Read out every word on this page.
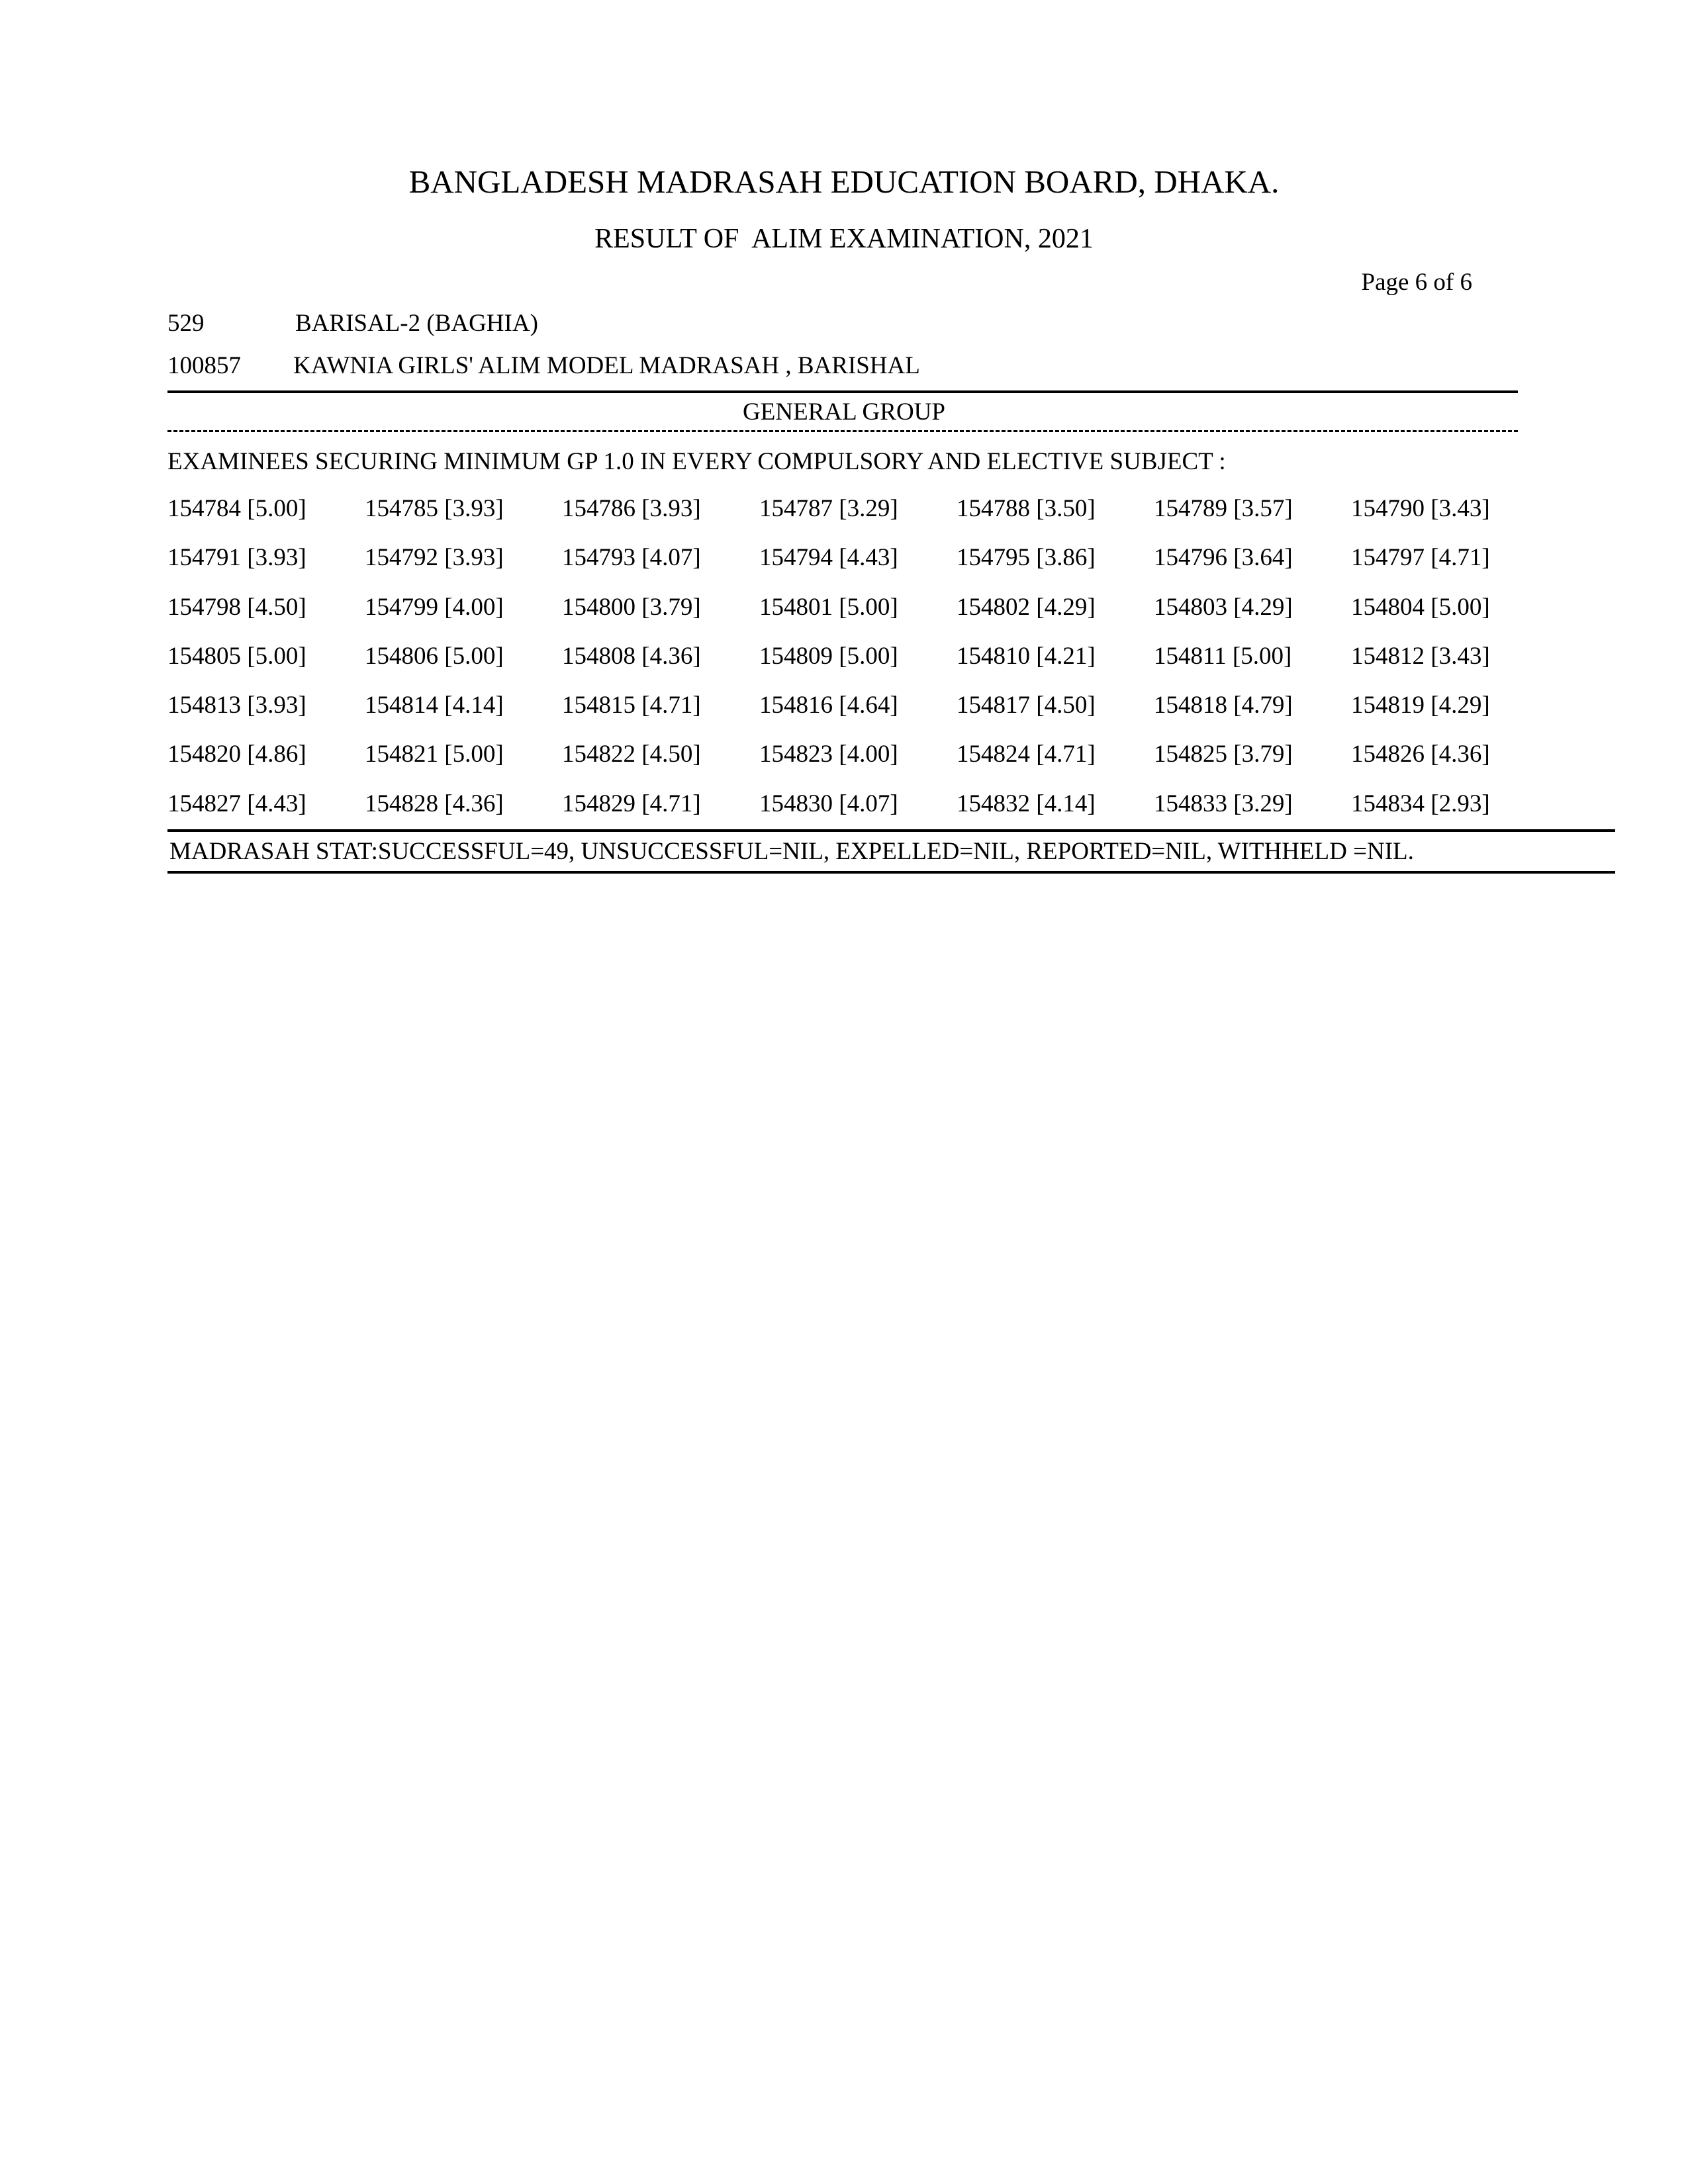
BANGLADESH MADRASAH EDUCATION BOARD, DHAKA.
RESULT OF  ALIM EXAMINATION, 2021
Page 6 of 6
529	BARISAL-2 (BAGHIA)
100857 KAWNIA GIRLS' ALIM MODEL MADRASAH , BARISHAL
GENERAL GROUP
EXAMINEES SECURING MINIMUM GP 1.0 IN EVERY COMPULSORY AND ELECTIVE SUBJECT :
154784 [5.00]	154785 [3.93]	154786 [3.93]	154787 [3.29]	154788 [3.50]	154789 [3.57]	154790 [3.43]
154791 [3.93]	154792 [3.93]	154793 [4.07]	154794 [4.43]	154795 [3.86]	154796 [3.64]	154797 [4.71]
154798 [4.50]	154799 [4.00]	154800 [3.79]	154801 [5.00]	154802 [4.29]	154803 [4.29]	154804 [5.00]
154805 [5.00]	154806 [5.00]	154808 [4.36]	154809 [5.00]	154810 [4.21]	154811 [5.00]	154812 [3.43]
154813 [3.93]	154814 [4.14]	154815 [4.71]	154816 [4.64]	154817 [4.50]	154818 [4.79]	154819 [4.29]
154820 [4.86]	154821 [5.00]	154822 [4.50]	154823 [4.00]	154824 [4.71]	154825 [3.79]	154826 [4.36]
154827 [4.43]	154828 [4.36]	154829 [4.71]	154830 [4.07]	154832 [4.14]	154833 [3.29]	154834 [2.93]
MADRASAH STAT:SUCCESSFUL=49, UNSUCCESSFUL=NIL, EXPELLED=NIL, REPORTED=NIL, WITHHELD =NIL.
